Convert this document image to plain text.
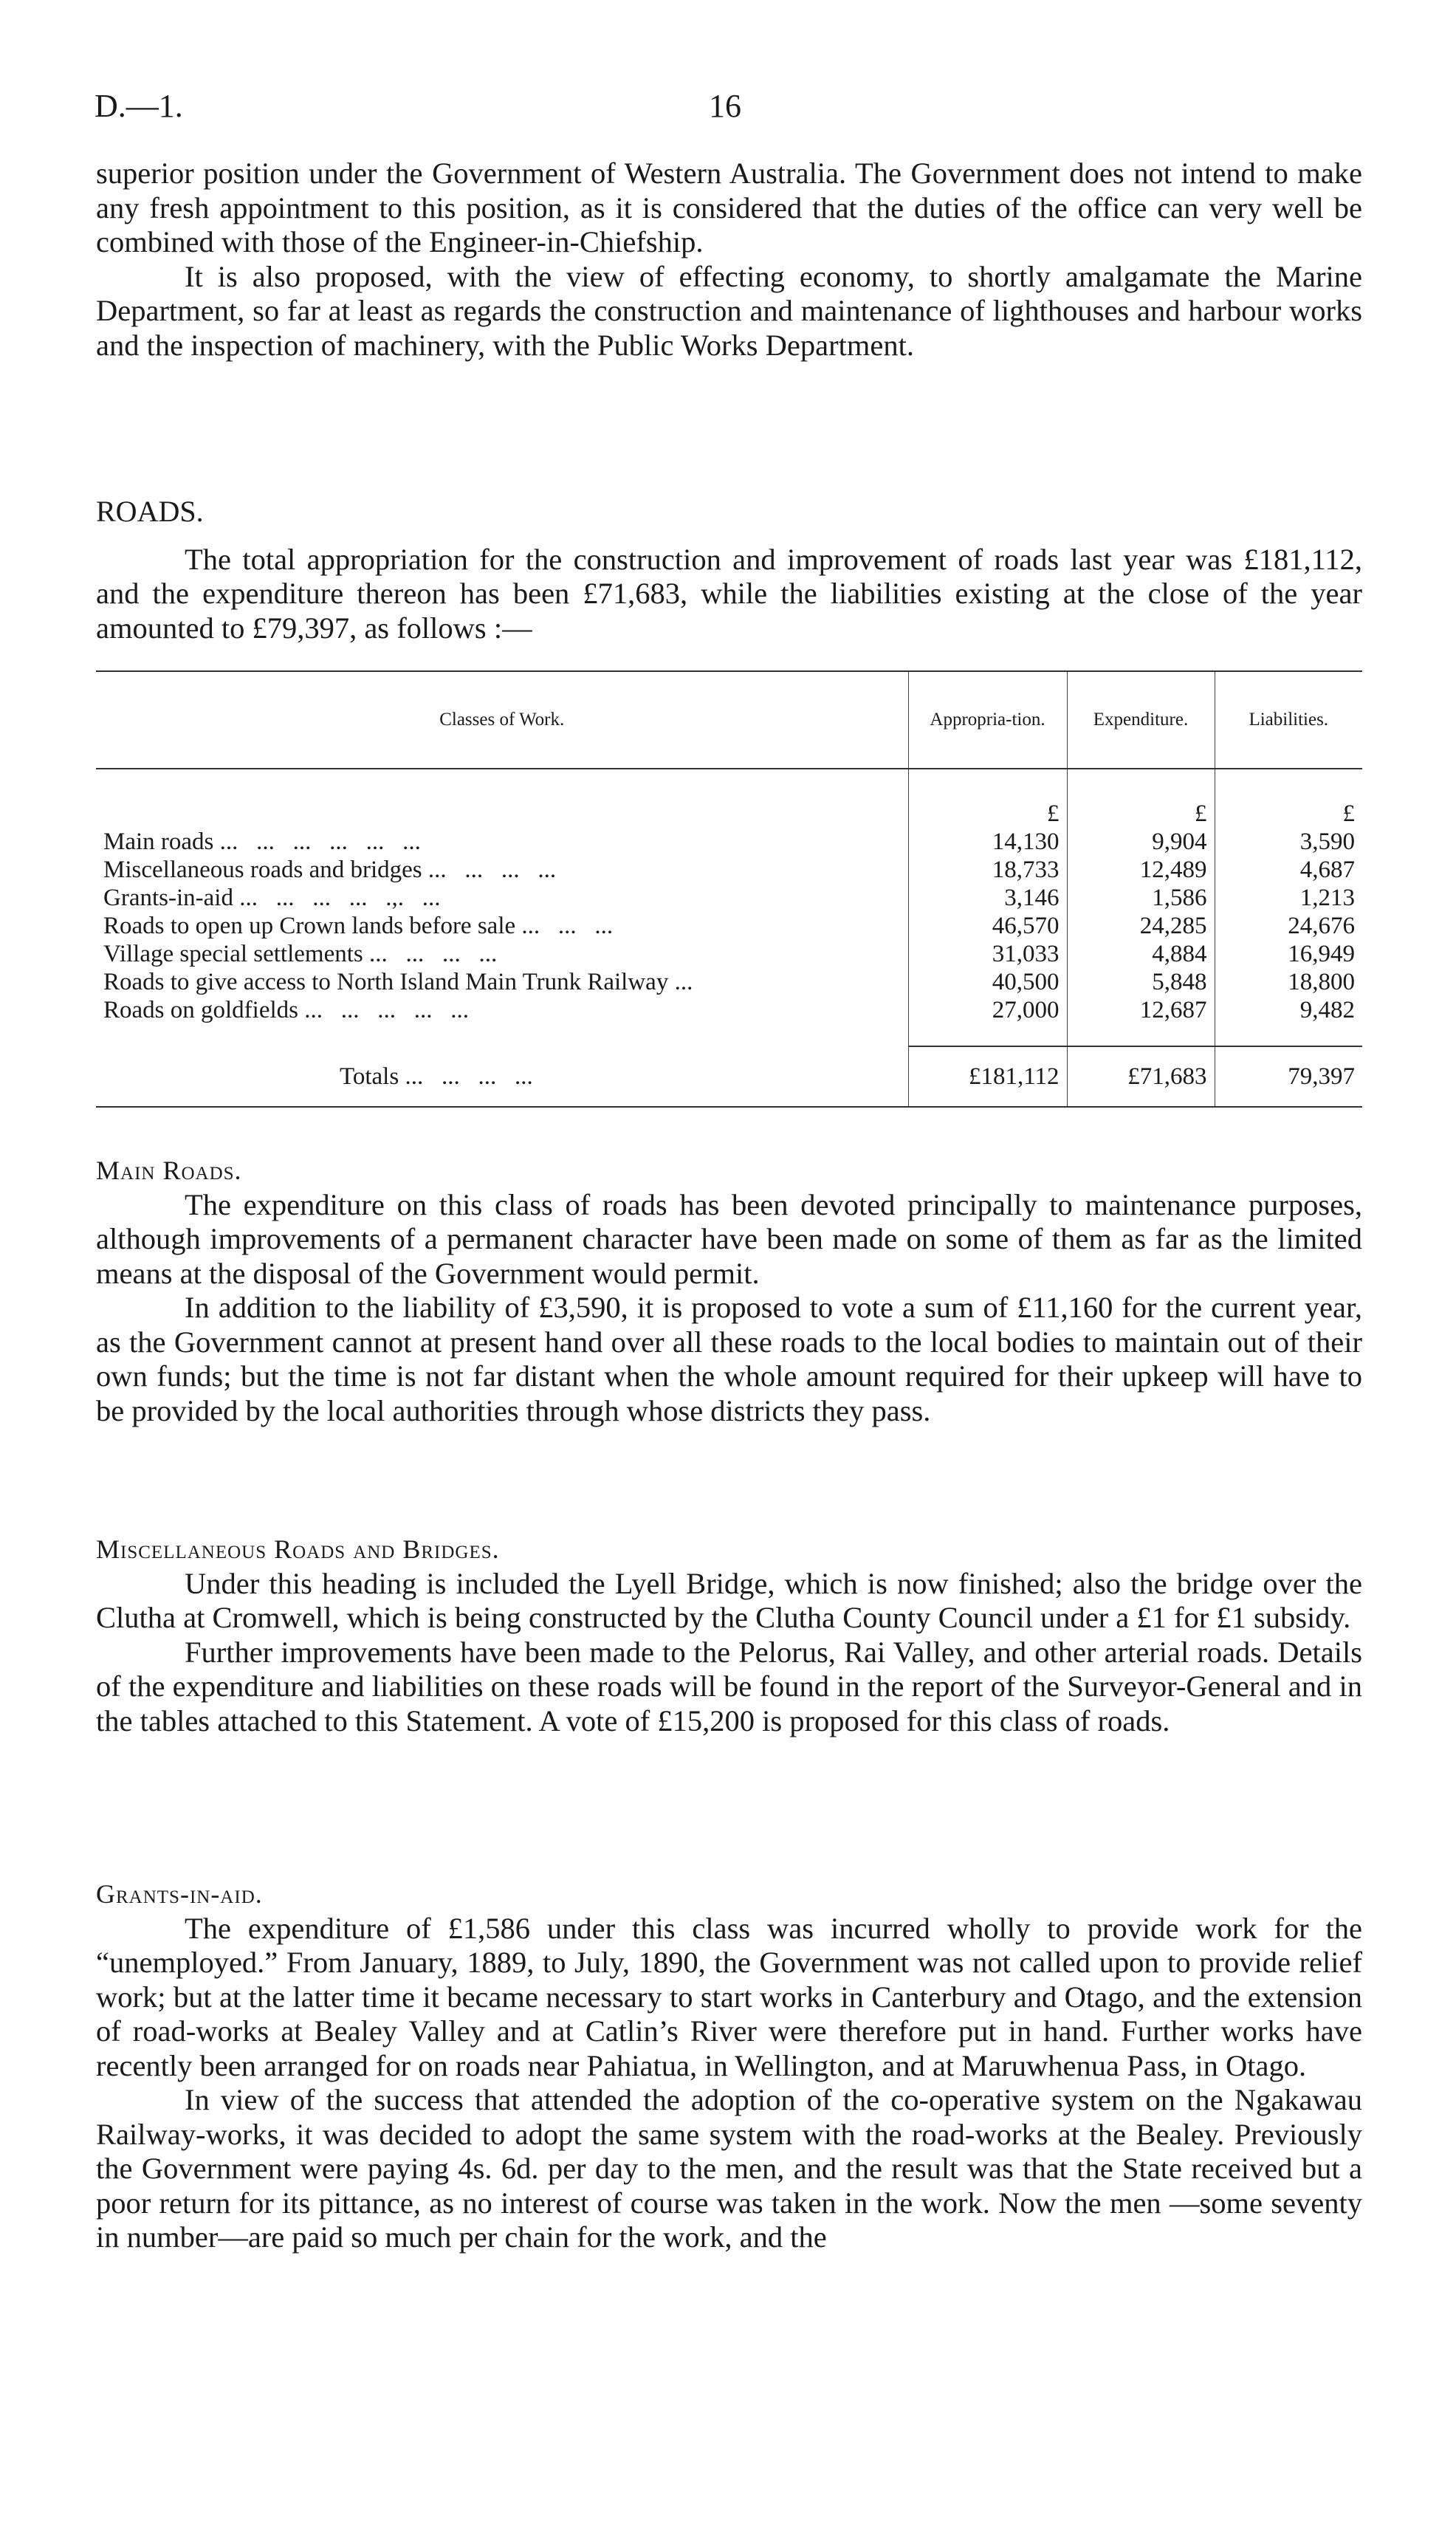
D.—1.	16

superior position under the Government of Western Australia. The Government does not intend to make any fresh appointment to this position, as it is considered that the duties of the office can very well be combined with those of the Engineer-in-Chiefship.

It is also proposed, with the view of effecting economy, to shortly amalgamate the Marine Department, so far at least as regards the construction and maintenance of lighthouses and harbour works and the inspection of machinery, with the Public Works Department.

ROADS.

The total appropriation for the construction and improvement of roads last year was £181,112, and the expenditure thereon has been £71,683, while the liabilities existing at the close of the year amounted to £79,397, as follows :—

Classes of Work.	Appropria-tion.	Expenditure.	Liabilities.
	£	£	£
Main roads ...   ...   ...   ...   ...   ...	14,130	9,904	3,590
Miscellaneous roads and bridges ...   ...   ...   ...	18,733	12,489	4,687
Grants-in-aid ...   ...   ...   ...   .,.   ...	3,146	1,586	1,213
Roads to open up Crown lands before sale ...   ...   ...	46,570	24,285	24,676
Village special settlements ...   ...   ...   ...	31,033	4,884	16,949
Roads to give access to North Island Main Trunk Railway ...	40,500	5,848	18,800
Roads on goldfields ...   ...   ...   ...   ...	27,000	12,687	9,482

Totals ...   ...   ...   ...	£181,112	£71,683	79,397

Main Roads.

The expenditure on this class of roads has been devoted principally to maintenance purposes, although improvements of a permanent character have been made on some of them as far as the limited means at the disposal of the Government would permit.

In addition to the liability of £3,590, it is proposed to vote a sum of £11,160 for the current year, as the Government cannot at present hand over all these roads to the local bodies to maintain out of their own funds; but the time is not far distant when the whole amount required for their upkeep will have to be provided by the local authorities through whose districts they pass.

Miscellaneous Roads and Bridges.

Under this heading is included the Lyell Bridge, which is now finished; also the bridge over the Clutha at Cromwell, which is being constructed by the Clutha County Council under a £1 for £1 subsidy.

Further improvements have been made to the Pelorus, Rai Valley, and other arterial roads. Details of the expenditure and liabilities on these roads will be found in the report of the Surveyor-General and in the tables attached to this Statement. A vote of £15,200 is proposed for this class of roads.

Grants-in-aid.

The expenditure of £1,586 under this class was incurred wholly to provide work for the “unemployed.” From January, 1889, to July, 1890, the Government was not called upon to provide relief work; but at the latter time it became necessary to start works in Canterbury and Otago, and the extension of road-works at Bealey Valley and at Catlin’s River were therefore put in hand. Further works have recently been arranged for on roads near Pahiatua, in Wellington, and at Maruwhenua Pass, in Otago.

In view of the success that attended the adoption of the co-operative system on the Ngakawau Railway-works, it was decided to adopt the same system with the road-works at the Bealey. Previously the Government were paying 4s. 6d. per day to the men, and the result was that the State received but a poor return for its pittance, as no interest of course was taken in the work. Now the men —some seventy in number—are paid so much per chain for the work, and the
